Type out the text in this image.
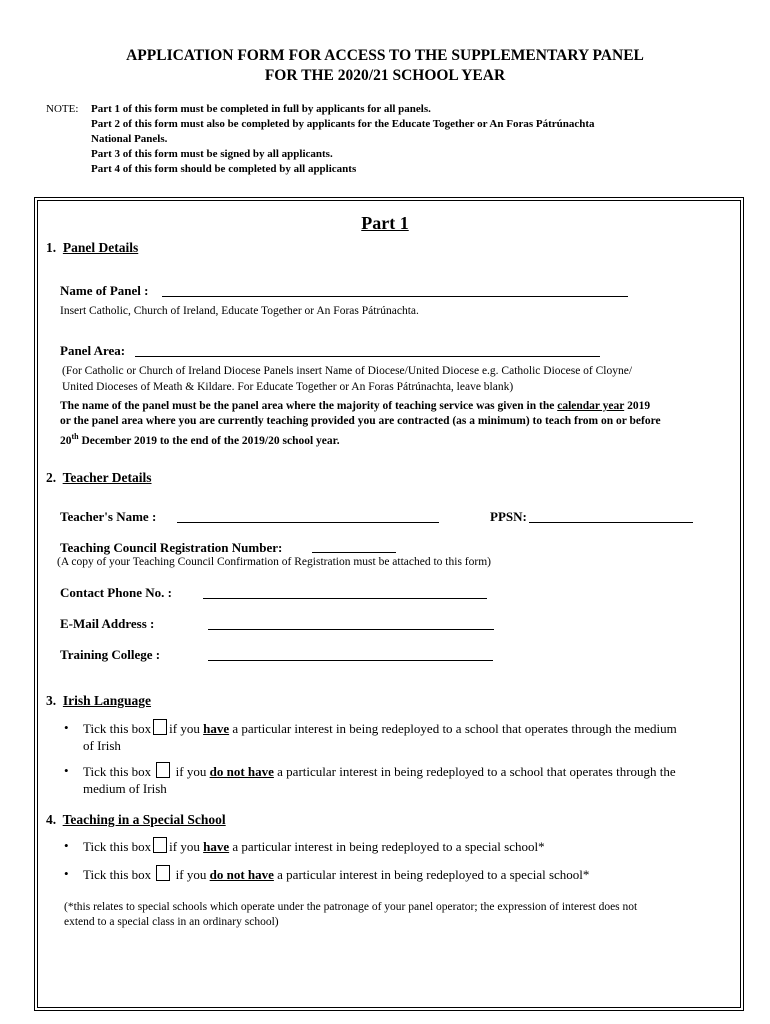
APPLICATION FORM FOR ACCESS TO THE SUPPLEMENTARY PANEL
FOR THE 2020/21 SCHOOL YEAR
NOTE: Part 1 of this form must be completed in full by applicants for all panels.
Part 2 of this form must also be completed by applicants for the Educate Together or An Foras Pátrúnachta
National Panels.
Part 3 of this form must be signed by all applicants.
Part 4 of this form should be completed by all applicants
Part 1
1. Panel Details
Name of Panel :
Insert Catholic, Church of Ireland, Educate Together or An Foras Pátrúnachta.
Panel Area:
(For Catholic or Church of Ireland Diocese Panels insert Name of Diocese/United Diocese e.g. Catholic Diocese of Cloyne/
United Dioceses of Meath & Kildare. For Educate Together or An Foras Pátrúnachta, leave blank)
The name of the panel must be the panel area where the majority of teaching service was given in the calendar year 2019
or the panel area where you are currently teaching provided you are contracted (as a minimum) to teach from on or before
20th December 2019 to the end of the 2019/20 school year.
2. Teacher Details
Teacher's Name :	PPSN:
Teaching Council Registration Number:
(A copy of your Teaching Council Confirmation of Registration must be attached to this form)
Contact Phone No. :
E-Mail Address :
Training College :
3. Irish Language
• Tick this box if you have a particular interest in being redeployed to a school that operates through the medium
of Irish
• Tick this box if you do not have a particular interest in being redeployed to a school that operates through the
medium of Irish
4. Teaching in a Special School
• Tick this box if you have a particular interest in being redeployed to a special school*
• Tick this box if you do not have a particular interest in being redeployed to a special school*
(*this relates to special schools which operate under the patronage of your panel operator; the expression of interest does not
extend to a special class in an ordinary school)
